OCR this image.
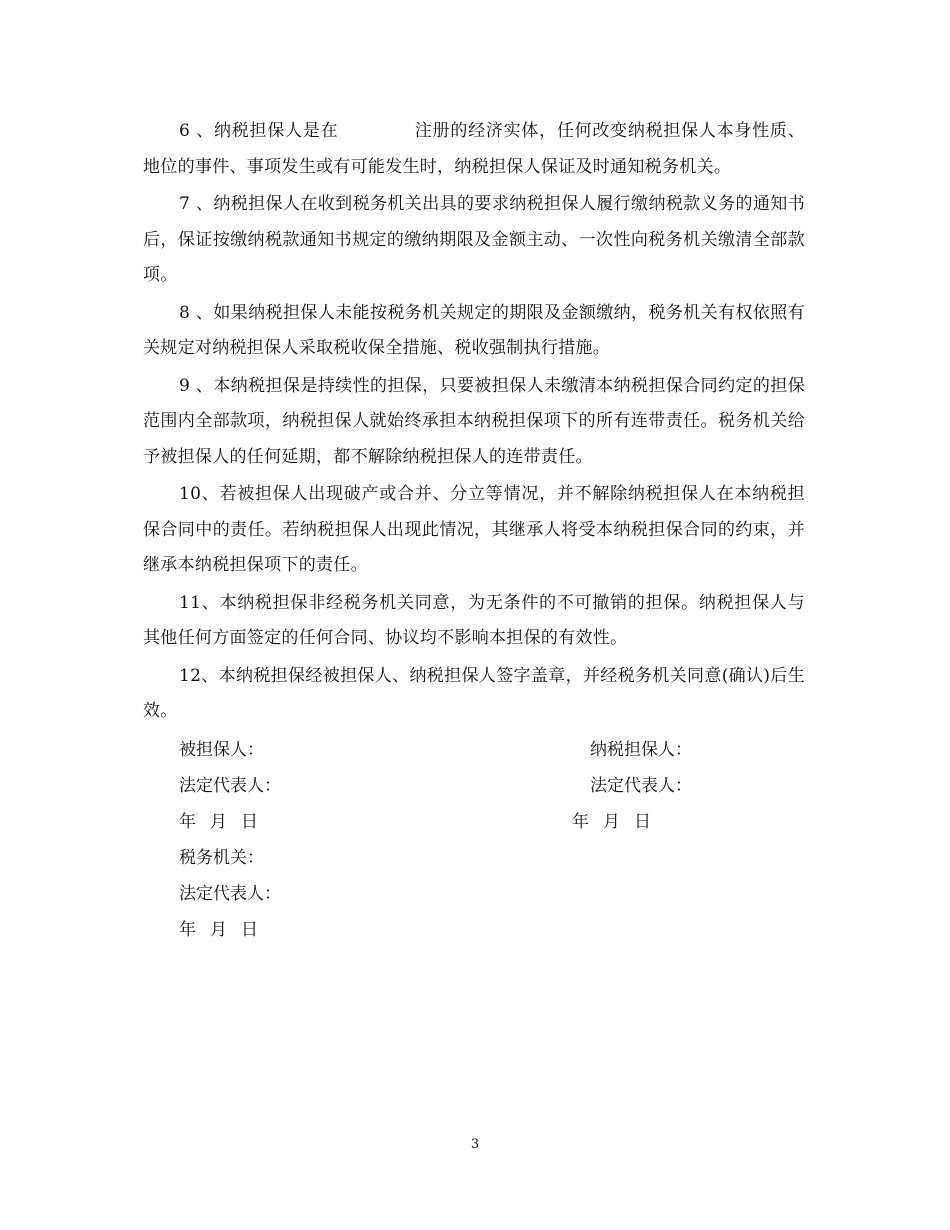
6 、纳税担保人是在	注册的经济实体，任何改变纳税担保人本身性质、地位的事件、事项发生或有可能发生时，纳税担保人保证及时通知税务机关。

7 、纳税担保人在收到税务机关出具的要求纳税担保人履行缴纳税款义务的通知书后，保证按缴纳税款通知书规定的缴纳期限及金额主动、一次性向税务机关缴清全部款项。

8 、如果纳税担保人未能按税务机关规定的期限及金额缴纳，税务机关有权依照有关规定对纳税担保人采取税收保全措施、税收强制执行措施。

9 、本纳税担保是持续性的担保，只要被担保人未缴清本纳税担保合同约定的担保范围内全部款项，纳税担保人就始终承担本纳税担保项下的所有连带责任。税务机关给予被担保人的任何延期，都不解除纳税担保人的连带责任。

10、若被担保人出现破产或合并、分立等情况，并不解除纳税担保人在本纳税担保合同中的责任。若纳税担保人出现此情况，其继承人将受本纳税担保合同的约束，并继承本纳税担保项下的责任。

11、本纳税担保非经税务机关同意，为无条件的不可撤销的担保。纳税担保人与其他任何方面签定的任何合同、协议均不影响本担保的有效性。

12、本纳税担保经被担保人、纳税担保人签字盖章，并经税务机关同意(确认)后生效。

被担保人：	纳税担保人：
法定代表人：	法定代表人：
年 月 日	年 月 日
税务机关：
法定代表人：
年 月 日
3
